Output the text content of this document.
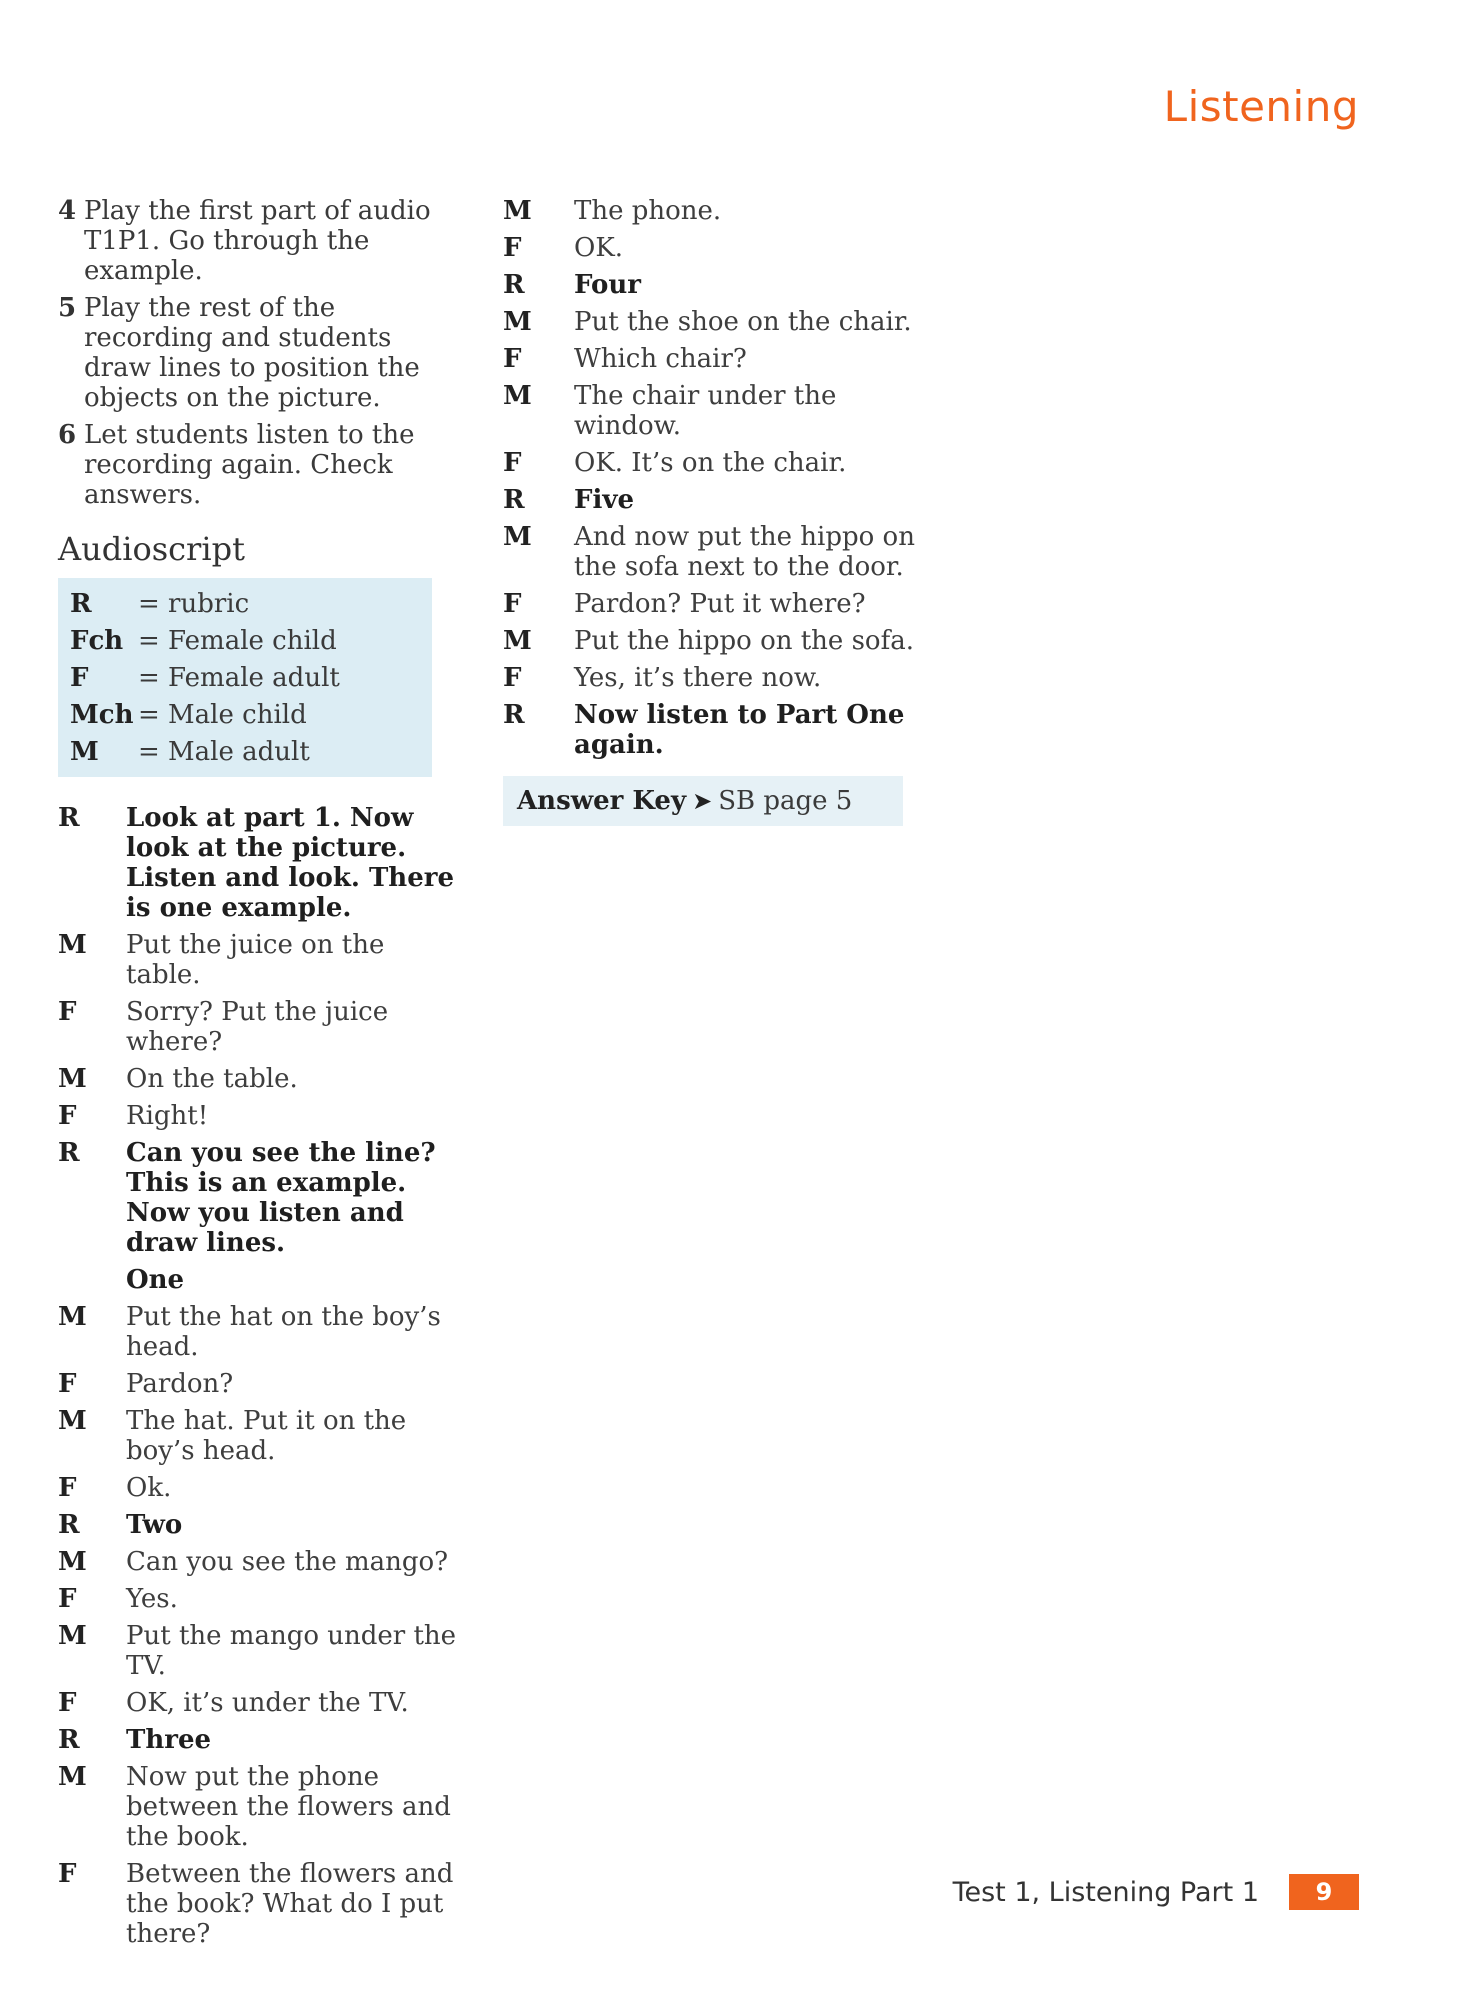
Listening
4 Play the first part of audio T1P1. Go through the example.
5 Play the rest of the recording and students draw lines to position the objects on the picture.
6 Let students listen to the recording again. Check answers.
Audioscript
R	= rubric
Fch = Female child
F	= Female adult
Mch = Male child
M	= Male adult
R	Look at part 1. Now look at the picture. Listen and look. There is one example.
M	Put the juice on the table.
F	Sorry? Put the juice where?
M	On the table.
F	Right!
R	Can you see the line? This is an example. Now you listen and draw lines.
One
M	Put the hat on the boy’s head.
F	Pardon?
M	The hat. Put it on the boy’s head.
F	Ok.
R	Two
M	Can you see the mango?
F	Yes.
M	Put the mango under the TV.
F	OK, it’s under the TV.
R	Three
M	Now put the phone between the flowers and the book.
F	Between the flowers and the book? What do I put there?
M	The phone.
F	OK.
R	Four
M	Put the shoe on the chair.
F	Which chair?
M	The chair under the window.
F	OK. It’s on the chair.
R	Five
M	And now put the hippo on the sofa next to the door.
F	Pardon? Put it where?
M	Put the hippo on the sofa.
F	Yes, it’s there now.
R	Now listen to Part One again.
Answer Key ➤ SB page 5
Test 1, Listening Part 1	9
